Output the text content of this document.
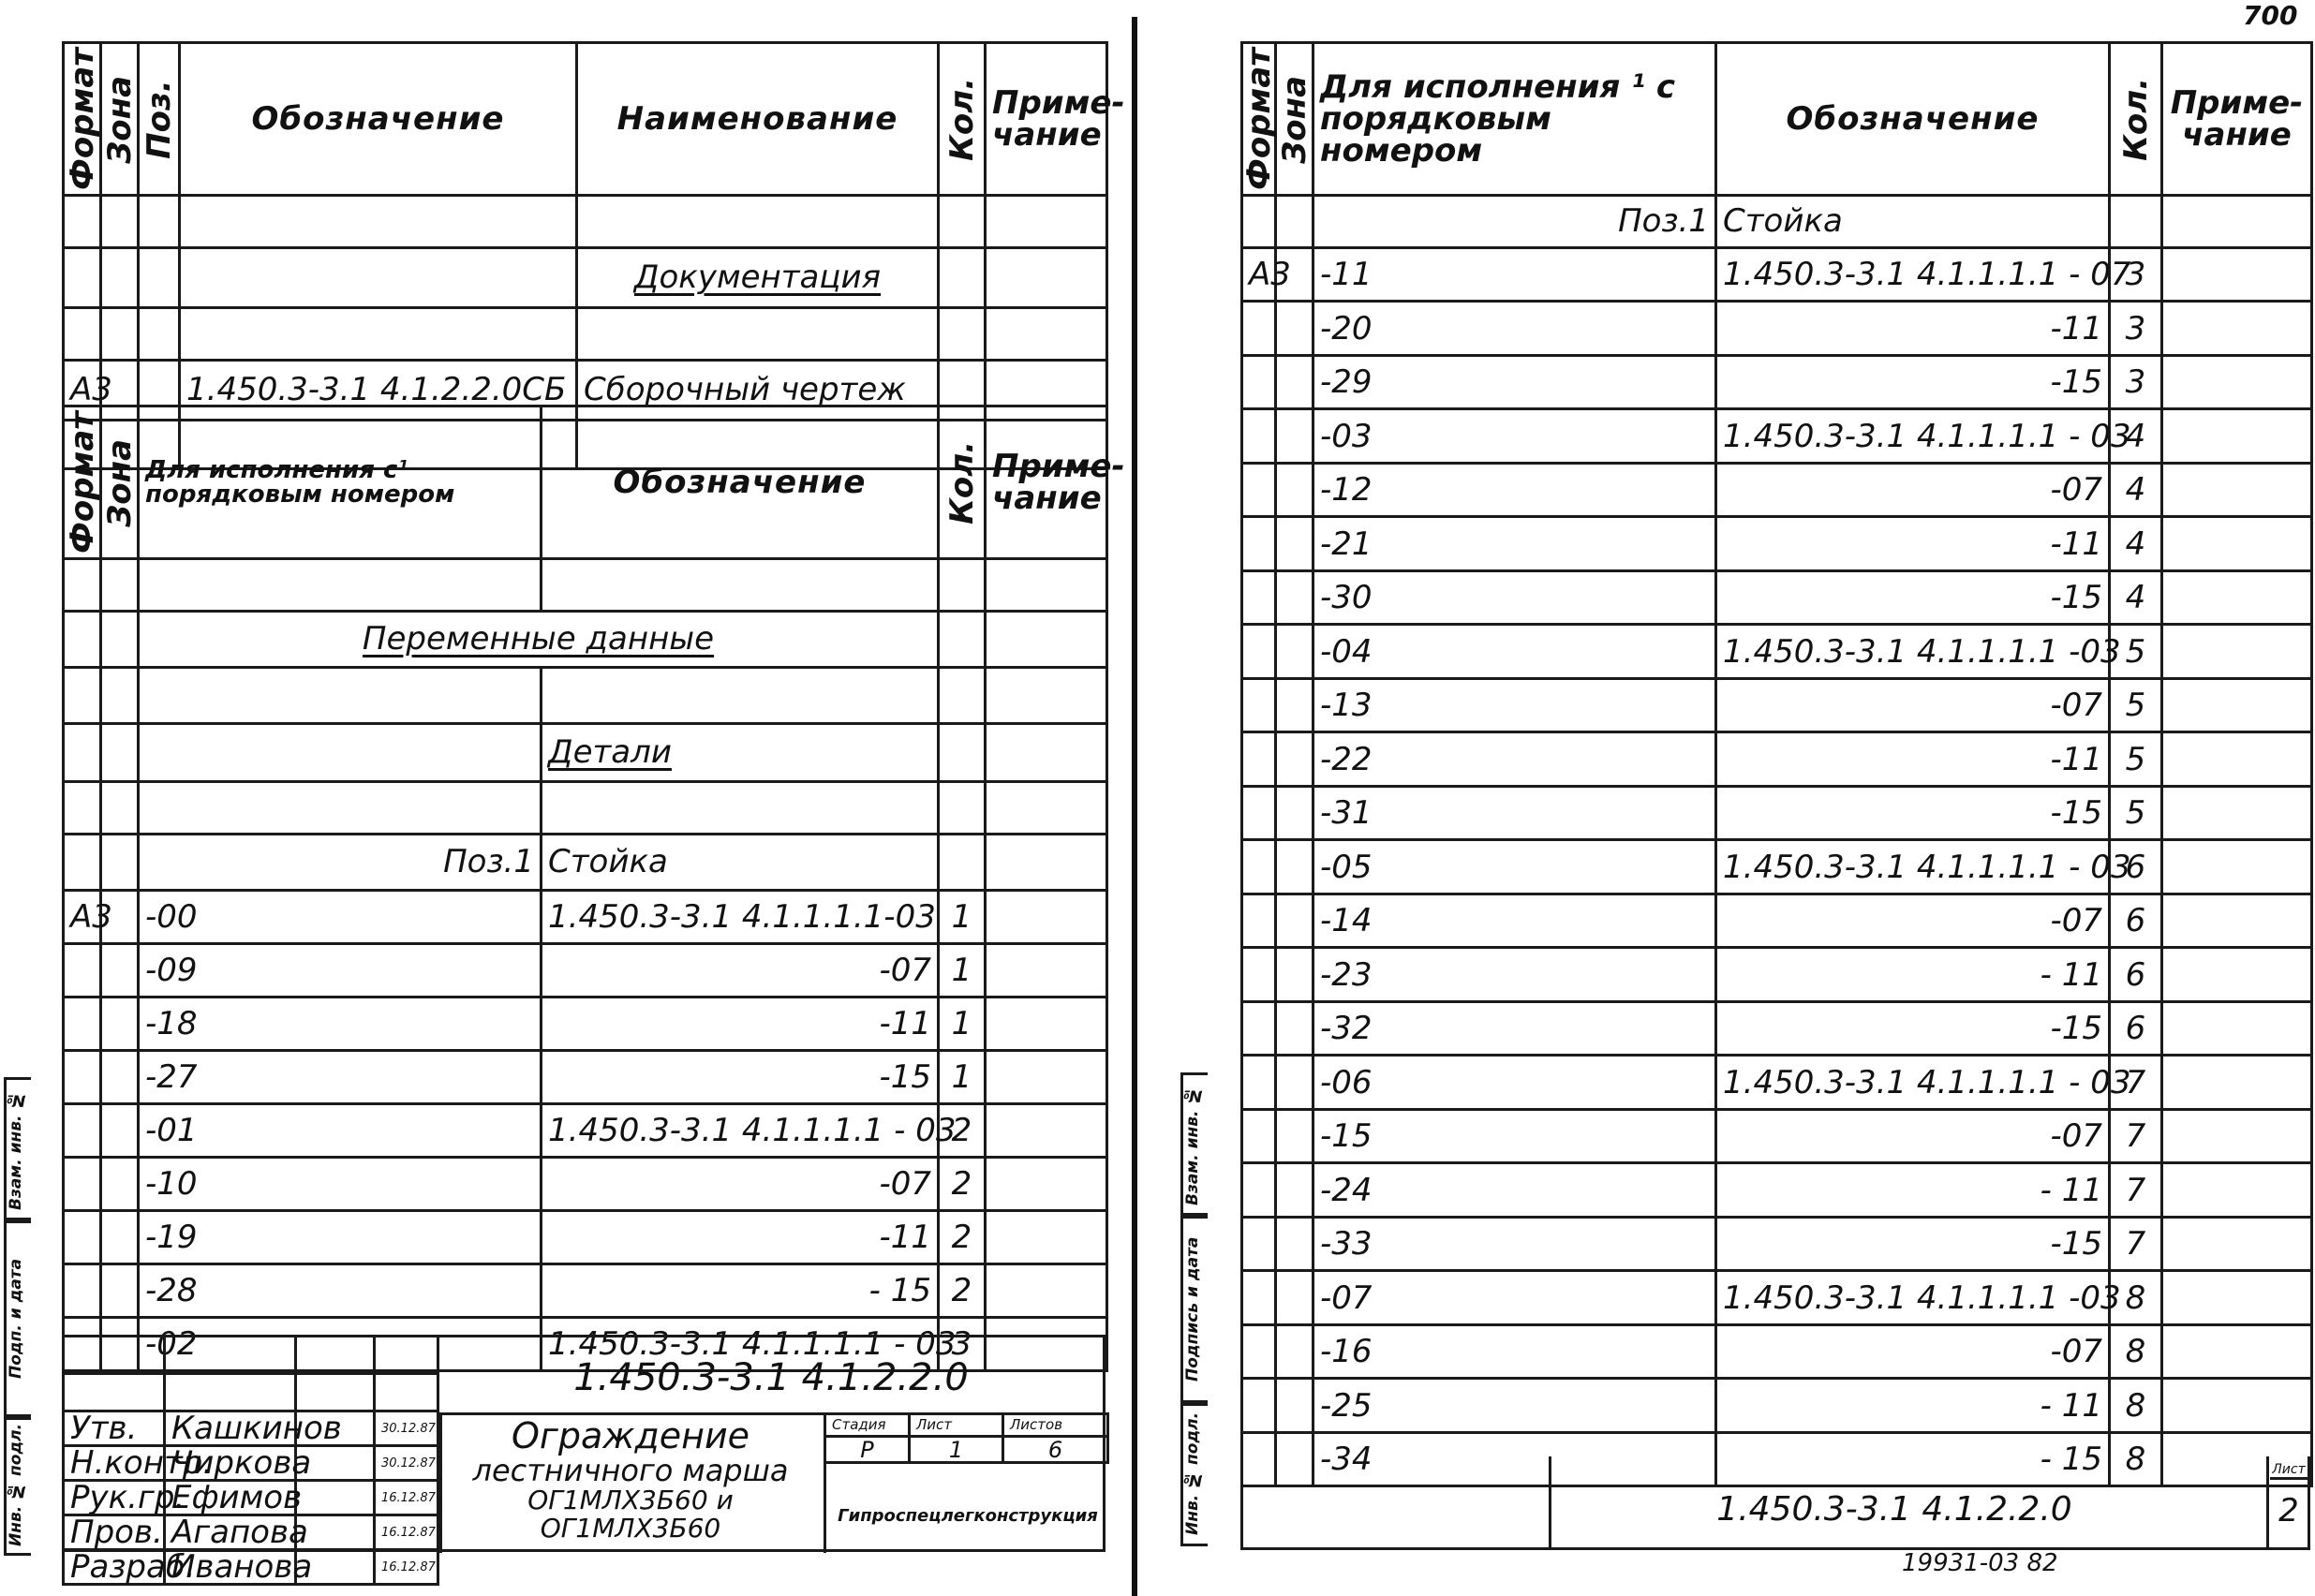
Взам. инв. №
Подп. и дата
Инв. № подл.
Формат	Зона	Поз.	Обозначение	Наименование	Кол.	Приме-чание

				Документация		

А3			1.450.3-3.1 4.1.2.2.0СБ	Сборочный чертеж		

Формат	Зона	Для исполнения с¹ порядковым номером	Обозначение	Кол.	Приме-чание

		Переменные данные			

			Детали		

		Поз.1	Стойка		
А3		-00	1.450.3-3.1 4.1.1.1.1-03	1	
		-09	-07	1	
		-18	-11	1	
		-27	-15	1	
		-01	1.450.3-3.1 4.1.1.1.1 - 03	2	
		-10	-07	2	
		-19	-11	2	
		-28	- 15	2	
		-02	1.450.3-3.1 4.1.1.1.1 - 03	3	

Утв.	Кашкинов		30.12.87
Н.контр.	Чиркова		30.12.87
Рук.гр.	Ефимов		16.12.87
Пров.	Агапова		16.12.87
Разраб.	Иванова		16.12.87
1.450.3-3.1 4.1.2.2.0
Ограждение
лестничного марша
ОГ1МЛХ3Б60 и ОГ1МЛХ3Б60
Стадия	Лист	Листов
Р	1	6
Гипроспецлегконструкция
700
Взам. инв. №
Подпись и дата
Инв. № подл.
Формат	Зона	Для исполнения ¹ с порядковым номером	Обозначение	Кол.	Приме-чание
		Поз.1	Стойка		
А3		-11	1.450.3-3.1 4.1.1.1.1 - 07	3	
		-20	-11	3	
		-29	-15	3	
		-03	1.450.3-3.1 4.1.1.1.1 - 03	4	
		-12	-07	4	
		-21	-11	4	
		-30	-15	4	
		-04	1.450.3-3.1 4.1.1.1.1 -03	5	
		-13	-07	5	
		-22	-11	5	
		-31	-15	5	
		-05	1.450.3-3.1 4.1.1.1.1 - 03	6	
		-14	-07	6	
		-23	- 11	6	
		-32	-15	6	
		-06	1.450.3-3.1 4.1.1.1.1 - 03	7	
		-15	-07	7	
		-24	- 11	7	
		-33	-15	7	
		-07	1.450.3-3.1 4.1.1.1.1 -03	8	
		-16	-07	8	
		-25	- 11	8	
		-34	- 15	8	
1.450.3-3.1 4.1.2.2.0
Лист
2
19931-03 82
